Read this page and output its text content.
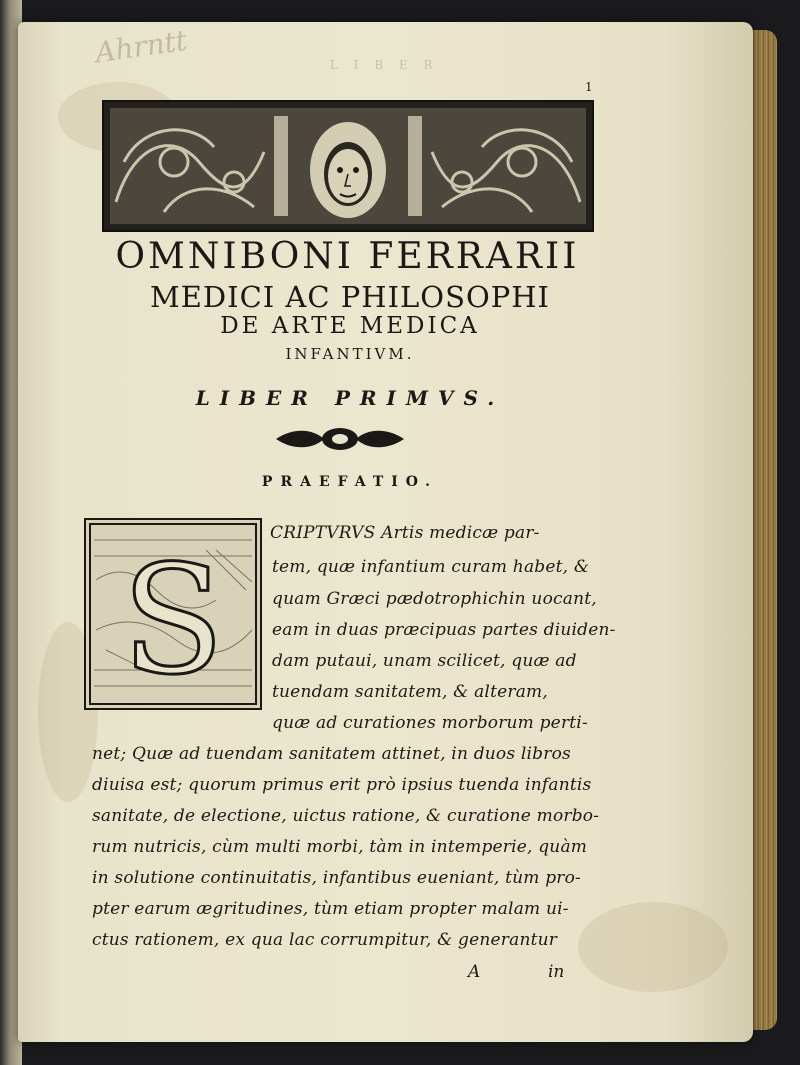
Ahrntt	L I B E R
1
OMNIBONI FERRARII
MEDICI AC PHILOSOPHI
DE ARTE MEDICA
INFANTIVM.
LIBER PRIMVS.
PRAEFATIO.
S
CRIPTVRVS Artis medicæ par-
tem, quæ infantium curam habet, &
quam Græci pædotrophichin uocant,
eam in duas præcipuas partes diuiden-
dam putaui, unam scilicet, quæ ad
tuendam sanitatem, & alteram,
quæ ad curationes morborum perti-
net; Quæ ad tuendam sanitatem attinet, in duos libros
diuisa est; quorum primus erit prò ipsius tuenda infantis
sanitate, de electione, uictus ratione, & curatione morbo-
rum nutricis, cùm multi morbi, tàm in intemperie, quàm
in solutione continuitatis, infantibus eueniant, tùm pro-
pter earum ægritudines, tùm etiam propter malam ui-
ctus rationem, ex qua lac corrumpitur, & generantur
A	in
